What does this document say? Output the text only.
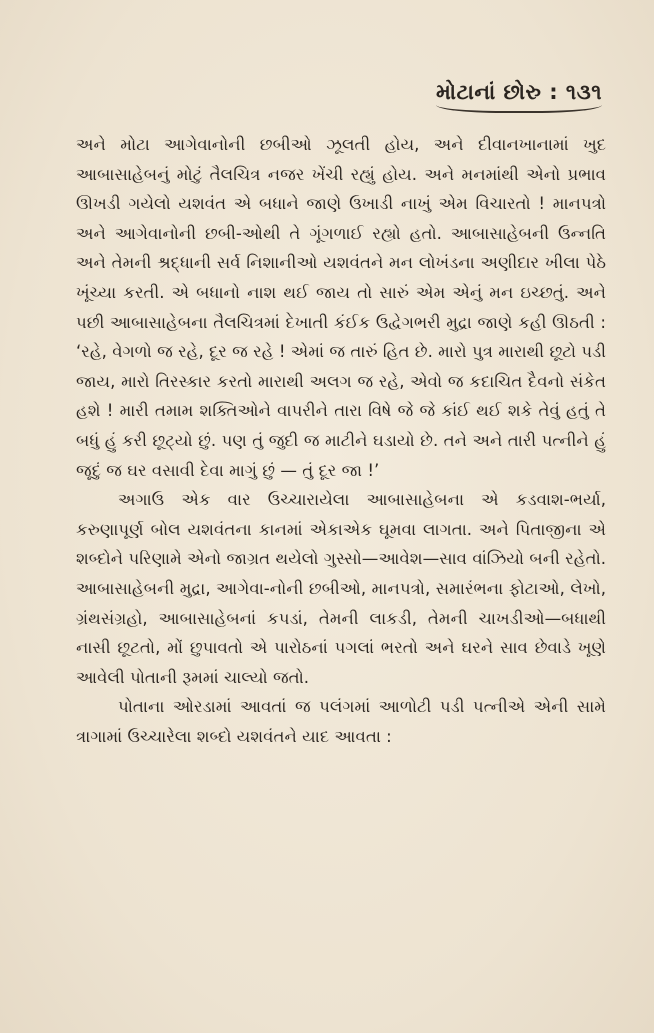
મોટાનાં છોરુ : ૧૩૧

અને મોટા આગેવાનોની છબીઓ ઝૂલતી હોય, અને દીવાનખાનામાં ખુદ આબાસાહેબનું મોટું તૈલચિત્ર નજર ખેંચી રહ્યું હોય. અને મનમાંથી એનો પ્રભાવ ઊખડી ગયેલો યશવંત એ બધાને જાણે ઉખાડી નાખું એમ વિચારતો ! માનપત્રો અને આગેવાનોની છબી-ઓથી તે ગૂંગળાઈ રહ્યો હતો. આબાસાહેબની ઉન્નતિ અને તેમની શ્રદ્ધાની સર્વ નિશાનીઓ યશવંતને મન લોખંડના અણીદાર ખીલા પેઠે ખૂંચ્યા કરતી. એ બધાનો નાશ થઈ જાય તો સારું એમ એનું મન ઇચ્છતું. અને પછી આબાસાહેબના તૈલચિત્રમાં દેખાતી કંઈક ઉદ્વેગભરી મુદ્રા જાણે કહી ઊઠતી : ‘રહે, વેગળો જ રહે, દૂર જ રહે ! એમાં જ તારું હિત છે. મારો પુત્ર મારાથી છૂટો પડી જાય, મારો તિરસ્કાર કરતો મારાથી અલગ જ રહે, એવો જ કદાચિત દૈવનો સંકેત હશે ! મારી તમામ શક્તિઓને વાપરીને તારા વિષે જે જે કાંઈ થઈ શકે તેવું હતું તે બધું હું કરી છૂટ્યો છું. પણ તું જુદી જ માટીને ઘડાયો છે. તને અને તારી પત્નીને હું જૂદું જ ઘર વસાવી દેવા માગું છું — તું દૂર જા !’

અગાઉ એક વાર ઉચ્ચારાયેલા આબાસાહેબના એ કડવાશ-ભર્યા, કરુણાપૂર્ણ બોલ યશવંતના કાનમાં એકાએક ઘૂમવા લાગતા. અને પિતાજીના એ શબ્દોને પરિણામે એનો જાગ્રત થયેલો ગુસ્સો—આવેશ—સાવ વાંઝિયો બની રહેતો. આબાસાહેબની મુદ્રા, આગેવા-નોની છબીઓ, માનપત્રો, સમારંભના ફોટાઓ, લેખો, ગ્રંથસંગ્રહો, આબાસાહેબનાં કપડાં, તેમની લાકડી, તેમની ચાખડીઓ—બધાથી નાસી છૂટતો, મોં છુપાવતો એ પારોઠનાં પગલાં ભરતો અને ઘરને સાવ છેવાડે ખૂણે આવેલી પોતાની રૂમમાં ચાલ્યો જતો.

પોતાના ઓરડામાં આવતાં જ પલંગમાં આળોટી પડી પત્નીએ એની સામે ત્રાગામાં ઉચ્ચારેલા શબ્દો યશવંતને યાદ આવતા :
